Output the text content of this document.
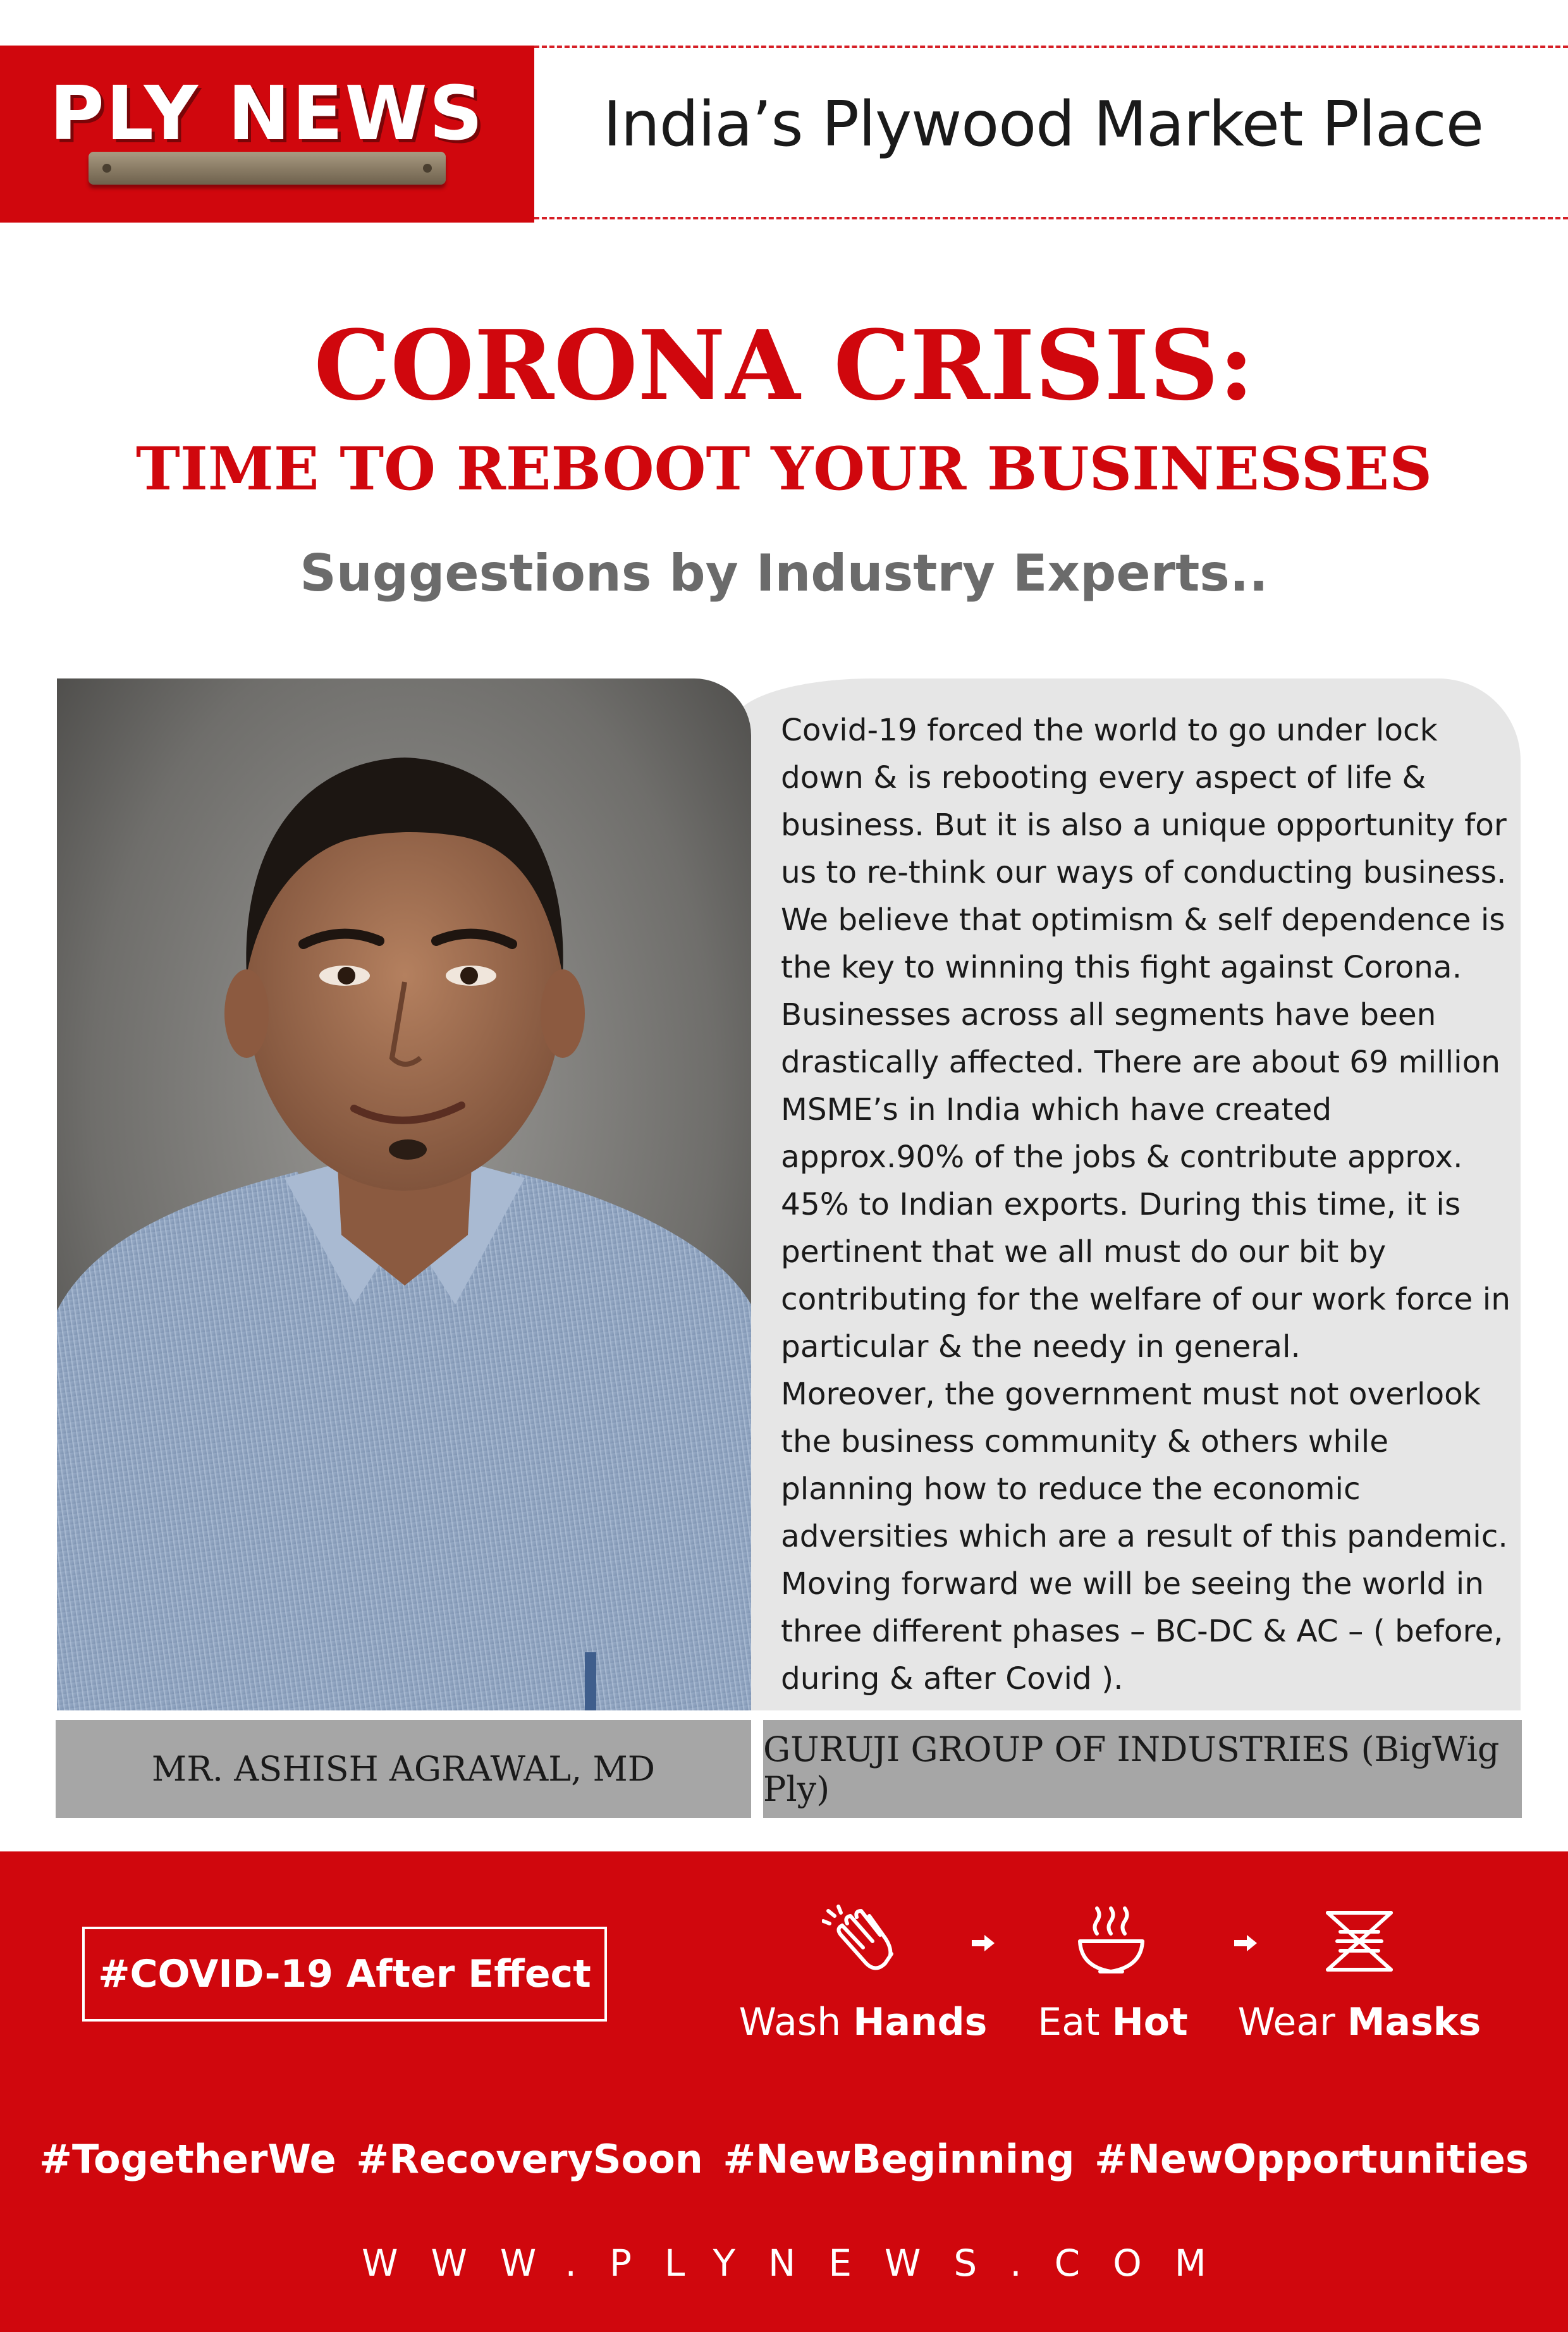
PLY NEWS	India’s Plywood Market Place
CORONA CRISIS:
TIME TO REBOOT YOUR BUSINESSES
Suggestions by Industry Experts..

Covid-19 forced the world to go under lock down & is rebooting every aspect of life & business. But it is also a unique opportunity for us to re-think our ways of conducting business. We believe that optimism & self dependence is the key to winning this fight against Corona. Businesses across all segments have been drastically affected. There are about 69 million MSME’s in India which have created approx.90% of the jobs & contribute approx. 45% to Indian exports. During this time, it is pertinent that we all must do our bit by contributing for the welfare of our work force in particular & the needy in general.

Moreover, the government must not overlook the business community & others while planning how to reduce the economic adversities which are a result of this pandemic. Moving forward we will be seeing the world in three different phases – BC-DC & AC – ( before, during & after Covid ).

MR. ASHISH AGRAWAL, MD	GURUJI GROUP OF INDUSTRIES (BigWig Ply)
#COVID-19 After Effect
Wash Hands	Eat Hot	Wear Masks
#TogetherWe #RecoverySoon #NewBeginning #NewOpportunities
WWW.PLYNEWS.COM
